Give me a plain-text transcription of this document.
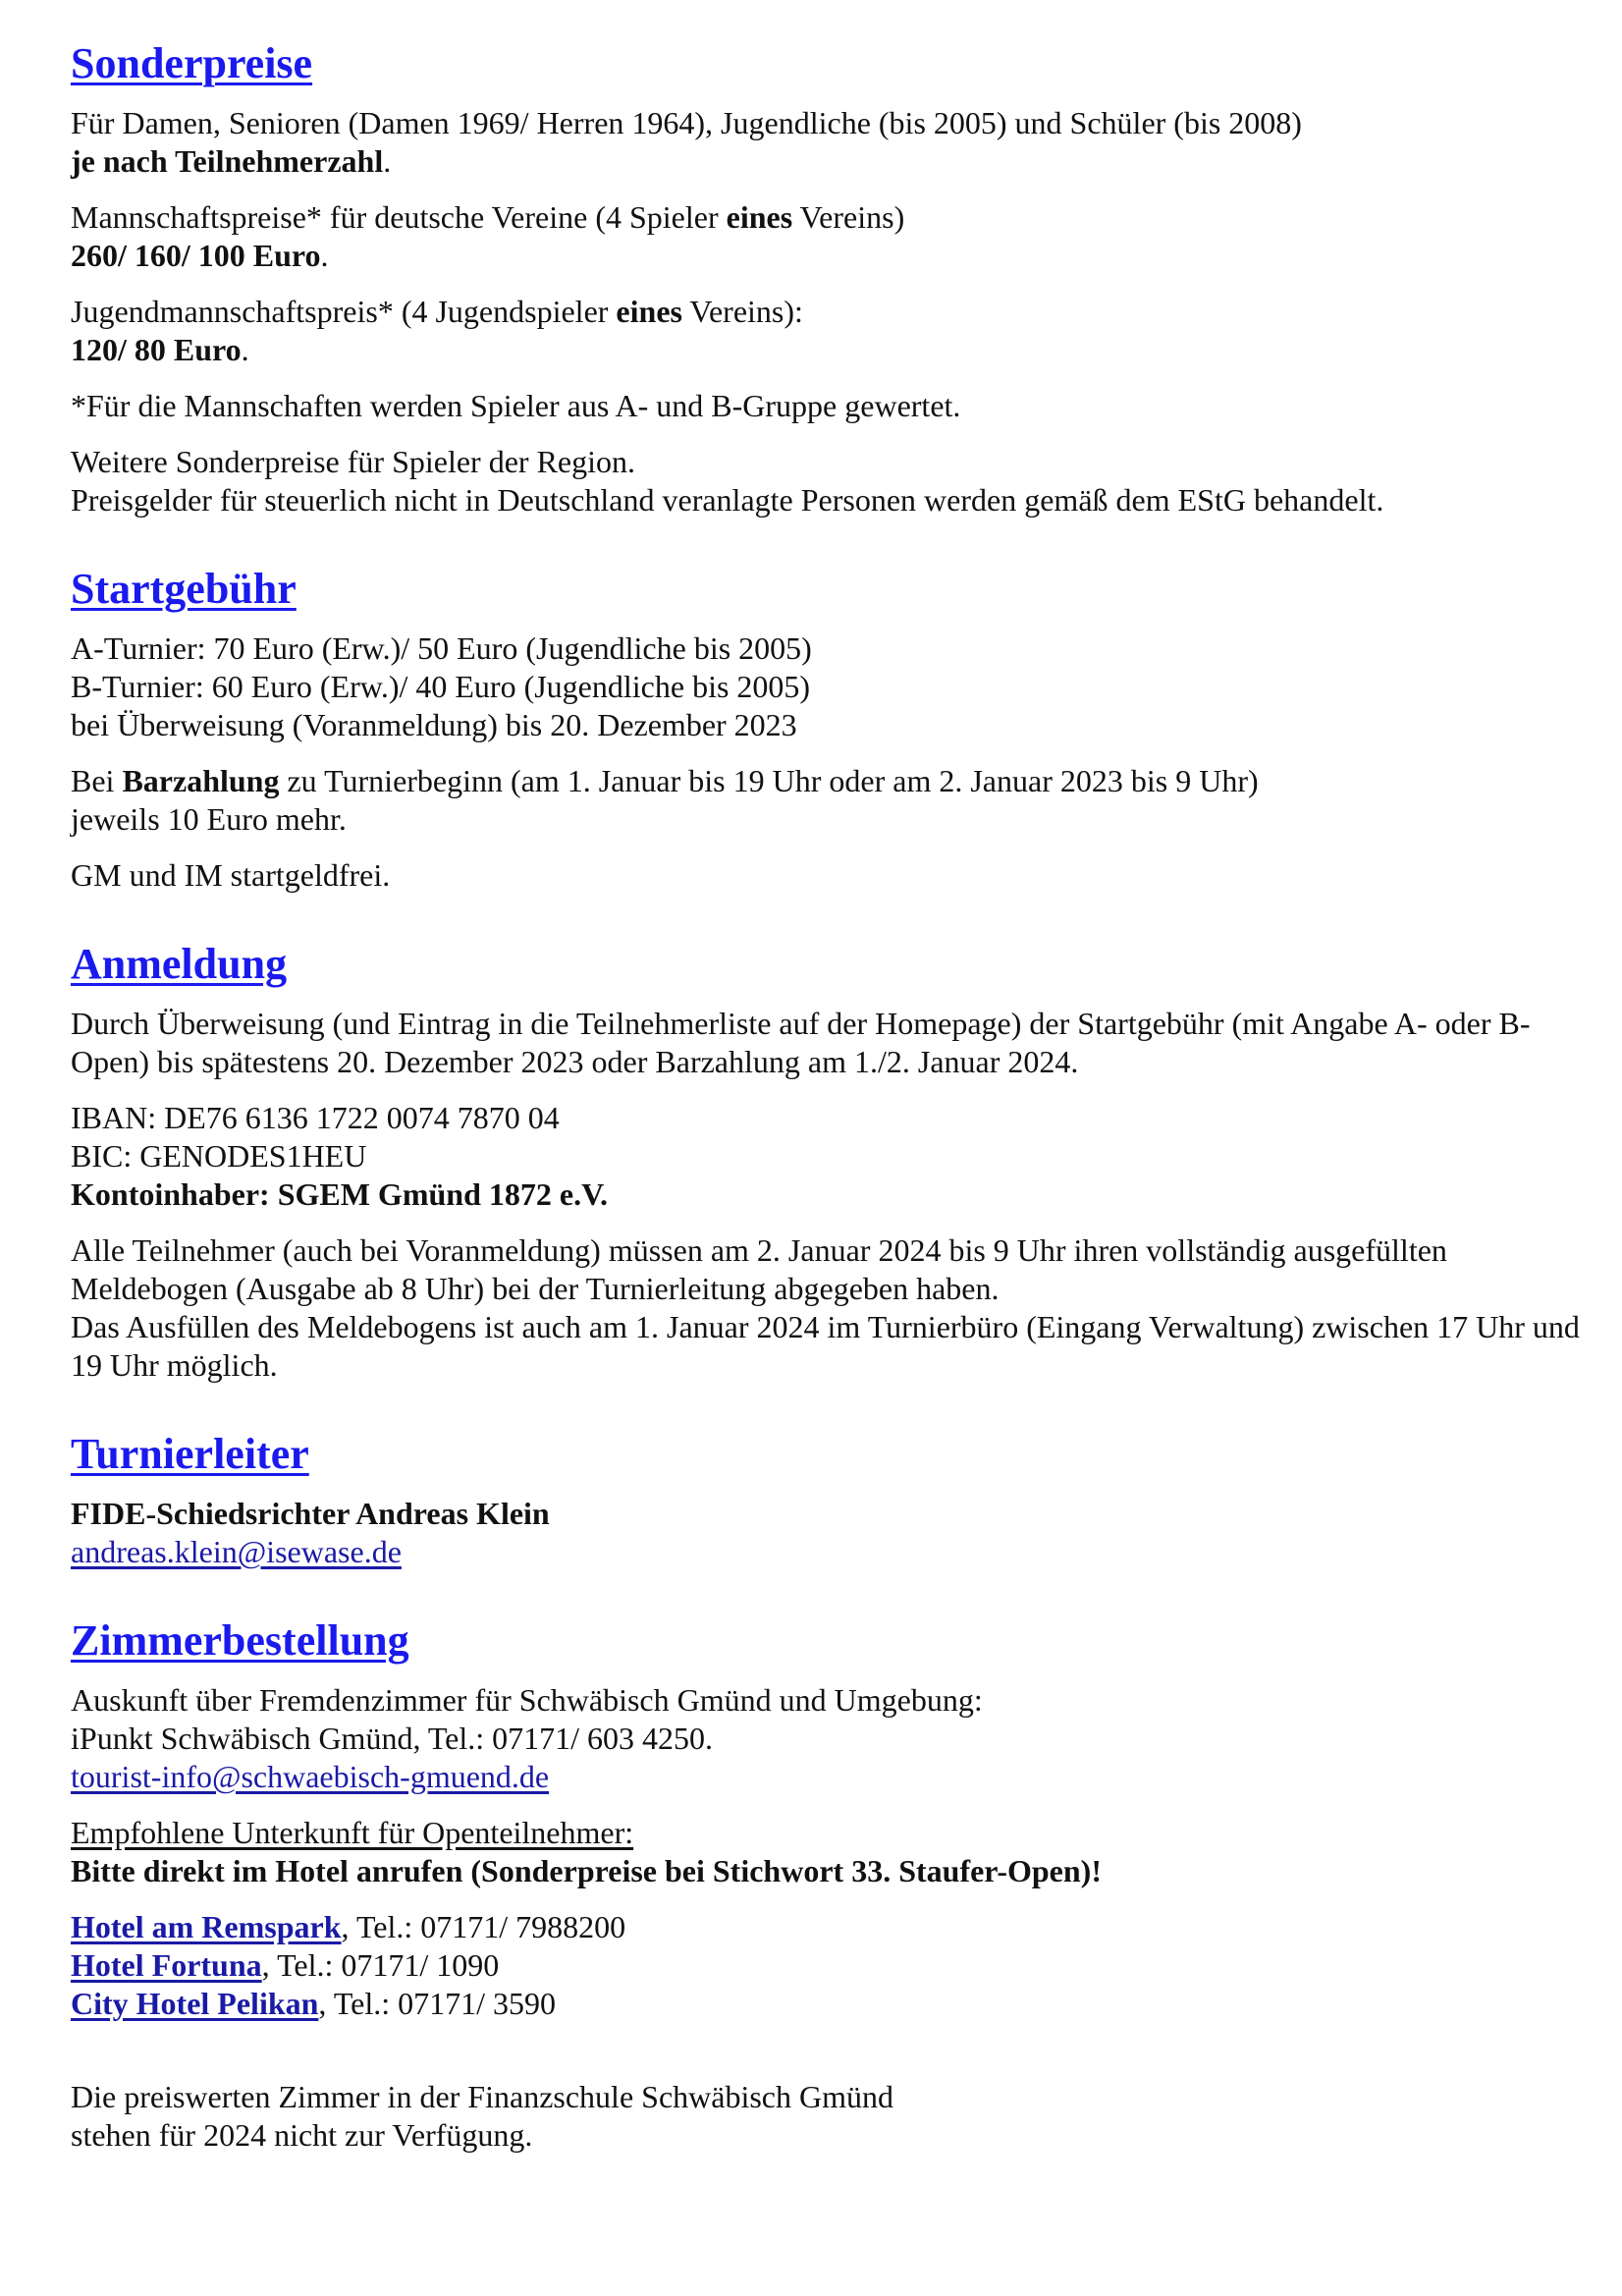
Sonderpreise

Für Damen, Senioren (Damen 1969/ Herren 1964), Jugendliche (bis 2005) und Schüler (bis 2008)
je nach Teilnehmerzahl.

Mannschaftspreise* für deutsche Vereine (4 Spieler eines Vereins)
260/ 160/ 100 Euro.

Jugendmannschaftspreis* (4 Jugendspieler eines Vereins):
120/ 80 Euro.

*Für die Mannschaften werden Spieler aus A- und B-Gruppe gewertet.

Weitere Sonderpreise für Spieler der Region.
Preisgelder für steuerlich nicht in Deutschland veranlagte Personen werden gemäß dem EStG behandelt.

Startgebühr

A-Turnier: 70 Euro (Erw.)/ 50 Euro (Jugendliche bis 2005)
B-Turnier: 60 Euro (Erw.)/ 40 Euro (Jugendliche bis 2005)
bei Überweisung (Voranmeldung) bis 20. Dezember 2023

Bei Barzahlung zu Turnierbeginn (am 1. Januar bis 19 Uhr oder am 2. Januar 2023 bis 9 Uhr)
jeweils 10 Euro mehr.

GM und IM startgeldfrei.

Anmeldung

Durch Überweisung (und Eintrag in die Teilnehmerliste auf der Homepage) der Startgebühr (mit Angabe A- oder B-Open) bis spätestens 20. Dezember 2023 oder Barzahlung am 1./2. Januar 2024.

IBAN: DE76 6136 1722 0074 7870 04
BIC: GENODES1HEU
Kontoinhaber: SGEM Gmünd 1872 e.V.

Alle Teilnehmer (auch bei Voranmeldung) müssen am 2. Januar 2024 bis 9 Uhr ihren vollständig ausgefüllten Meldebogen (Ausgabe ab 8 Uhr) bei der Turnierleitung abgegeben haben.
Das Ausfüllen des Meldebogens ist auch am 1. Januar 2024 im Turnierbüro (Eingang Verwaltung) zwischen 17 Uhr und 19 Uhr möglich.

Turnierleiter

FIDE-Schiedsrichter Andreas Klein
andreas.klein@isewase.de

Zimmerbestellung

Auskunft über Fremdenzimmer für Schwäbisch Gmünd und Umgebung:
iPunkt Schwäbisch Gmünd, Tel.: 07171/ 603 4250.
tourist-info@schwaebisch-gmuend.de

Empfohlene Unterkunft für Openteilnehmer:
Bitte direkt im Hotel anrufen (Sonderpreise bei Stichwort 33. Staufer-Open)!

Hotel am Remspark, Tel.: 07171/ 7988200
Hotel Fortuna, Tel.: 07171/ 1090
City Hotel Pelikan, Tel.: 07171/ 3590

Die preiswerten Zimmer in der Finanzschule Schwäbisch Gmünd
stehen für 2024 nicht zur Verfügung.
